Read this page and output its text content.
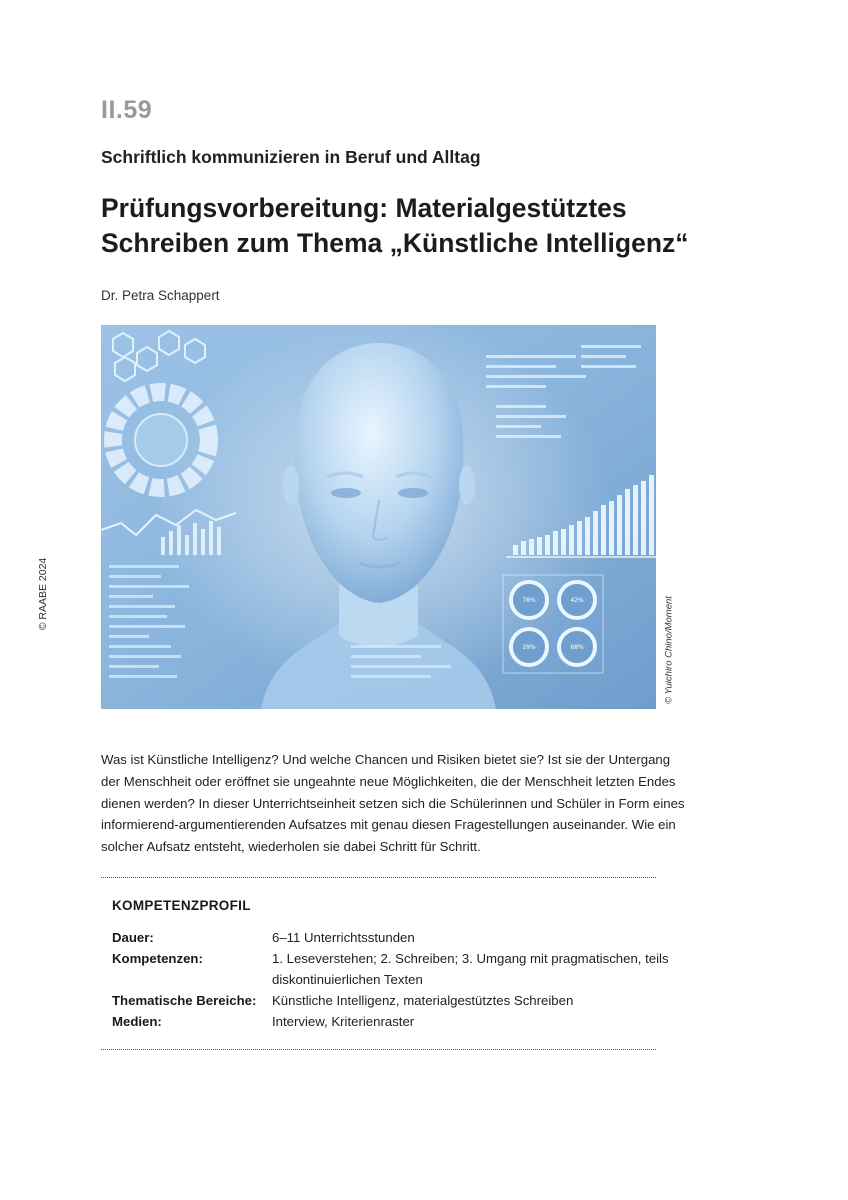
II.59
Schriftlich kommunizieren in Beruf und Alltag
Prüfungsvorbereitung: Materialgestütztes
Schreiben zum Thema „Künstliche Intelligenz“
Dr. Petra Schappert
© RAABE 2024	78%	42%
29%	68%	© Yuichiro Chino/Moment
Was ist Künstliche Intelligenz? Und welche Chancen und Risiken bietet sie? Ist sie der Untergang
der Menschheit oder eröffnet sie ungeahnte neue Möglichkeiten, die der Menschheit letzten Endes
dienen werden? In dieser Unterrichtseinheit setzen sich die Schülerinnen und Schüler in Form eines
informierend-argumentierenden Aufsatzes mit genau diesen Fragestellungen auseinander. Wie ein
solcher Aufsatz entsteht, wiederholen sie dabei Schritt für Schritt.
KOMPETENZPROFIL
Dauer:	6–11 Unterrichtsstunden
Kompetenzen:	1. Leseverstehen; 2. Schreiben; 3. Umgang mit pragmatischen, teils
diskontinuierlichen Texten
Thematische Bereiche: Künstliche Intelligenz, materialgestütztes Schreiben
Medien:	Interview, Kriterienraster
